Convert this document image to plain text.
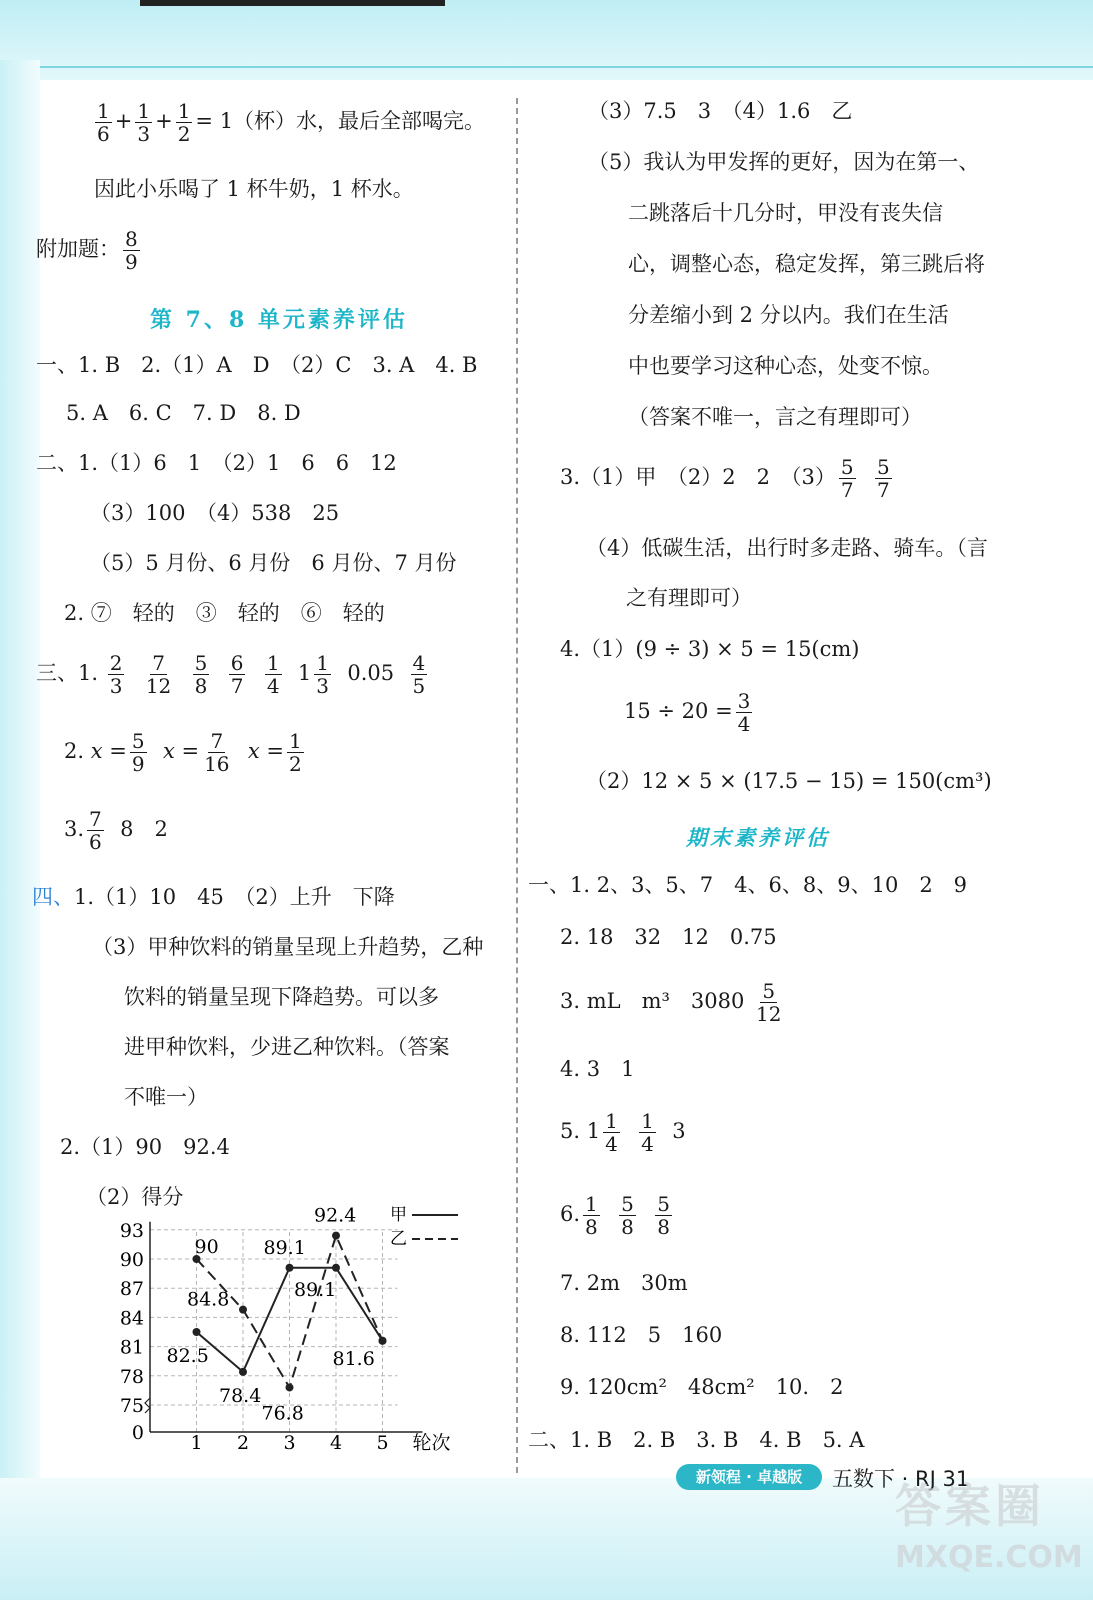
$\frac{1}{6} + \frac{1}{3} + \frac{1}{2} = 1$（杯）水，最后全部喝完。
因此小乐喝了 1 杯牛奶，1 杯水。
附加题： $\frac{8}{9}$
第 7、8 单元素养评估
一、1. B　2.（1）A　D　（2）C　3. A　4. B
5. A　6. C　7. D　8. D
二、1.（1）6　1　（2）1　6　6　12
（3）100　（4）538　25
（5）5 月份、6 月份　6 月份、7 月份
2. ⑦　轻的　③　轻的　⑥　轻的
三、1. $\frac{2}{3}$
$\frac{7}{12}$
$\frac{5}{8}$
$\frac{6}{7}$
$\frac{1}{4} 1 \frac{1}{3} 0.05 \frac{4}{5}$
2. $x = \frac{5}{9}$ $x = \frac{7}{16}$ $x = \frac{1}{2}$
3. $\frac{7}{6} 8$　2
四、1.（1）10　45　（2）上升　下降
（3）甲种饮料的销量呈现上升趋势，乙种
饮料的销量呈现下降趋势。可以多
进甲种饮料，少进乙种饮料。（答案
不唯一）
2.（1）90　92.4
（2）得分
0
75
78
81
84
87
90
93
1 2 3 4 5 轮次
90 89.1
92.4
84.8	89.1
82.5	81.6
78.4
76.8
甲
乙
（3）7.5　3　（4）1.6　乙
（5）我认为甲发挥的更好，因为在第一、
二跳落后十几分时，甲没有丧失信
心，调整心态，稳定发挥，第三跳后将
分差缩小到 2 分以内。我们在生活
中也要学习这种心态，处变不惊。
（答案不唯一，言之有理即可）
3.（1）甲　（2）2　2　$(3) \frac{5}{7}$
$\frac{5}{7}$
（4）低碳生活，出行时多走路、骑车。（言
之有理即可）
4.（1）(9 ÷ 3) × 5 = 15(cm)
$15 \div 20 = \frac{3}{4}$
（2）12 × 5 × (17.5 − 15) = 150(cm³)
期末素养评估
一、1. 2、3、5、7　4、6、8、9、10　2　9
2. 18　32　12　0.75
3. mL　m³　$3080 \frac{5}{12}$
4. 3　1
5. $1 \frac{1}{4}$
$\frac{1}{4} 3$
6. $\frac{1}{8}$
$\frac{5}{8}$
$\frac{5}{8}$
7. 2m　30m
8. 112　5　160
9. 120cm²　48cm²　10.　2
二、1. B　2. B　3. B　4. B　5. A
新领程 · 卓越版	五数下 · RJ 31
答案圈
MXQE.COM
